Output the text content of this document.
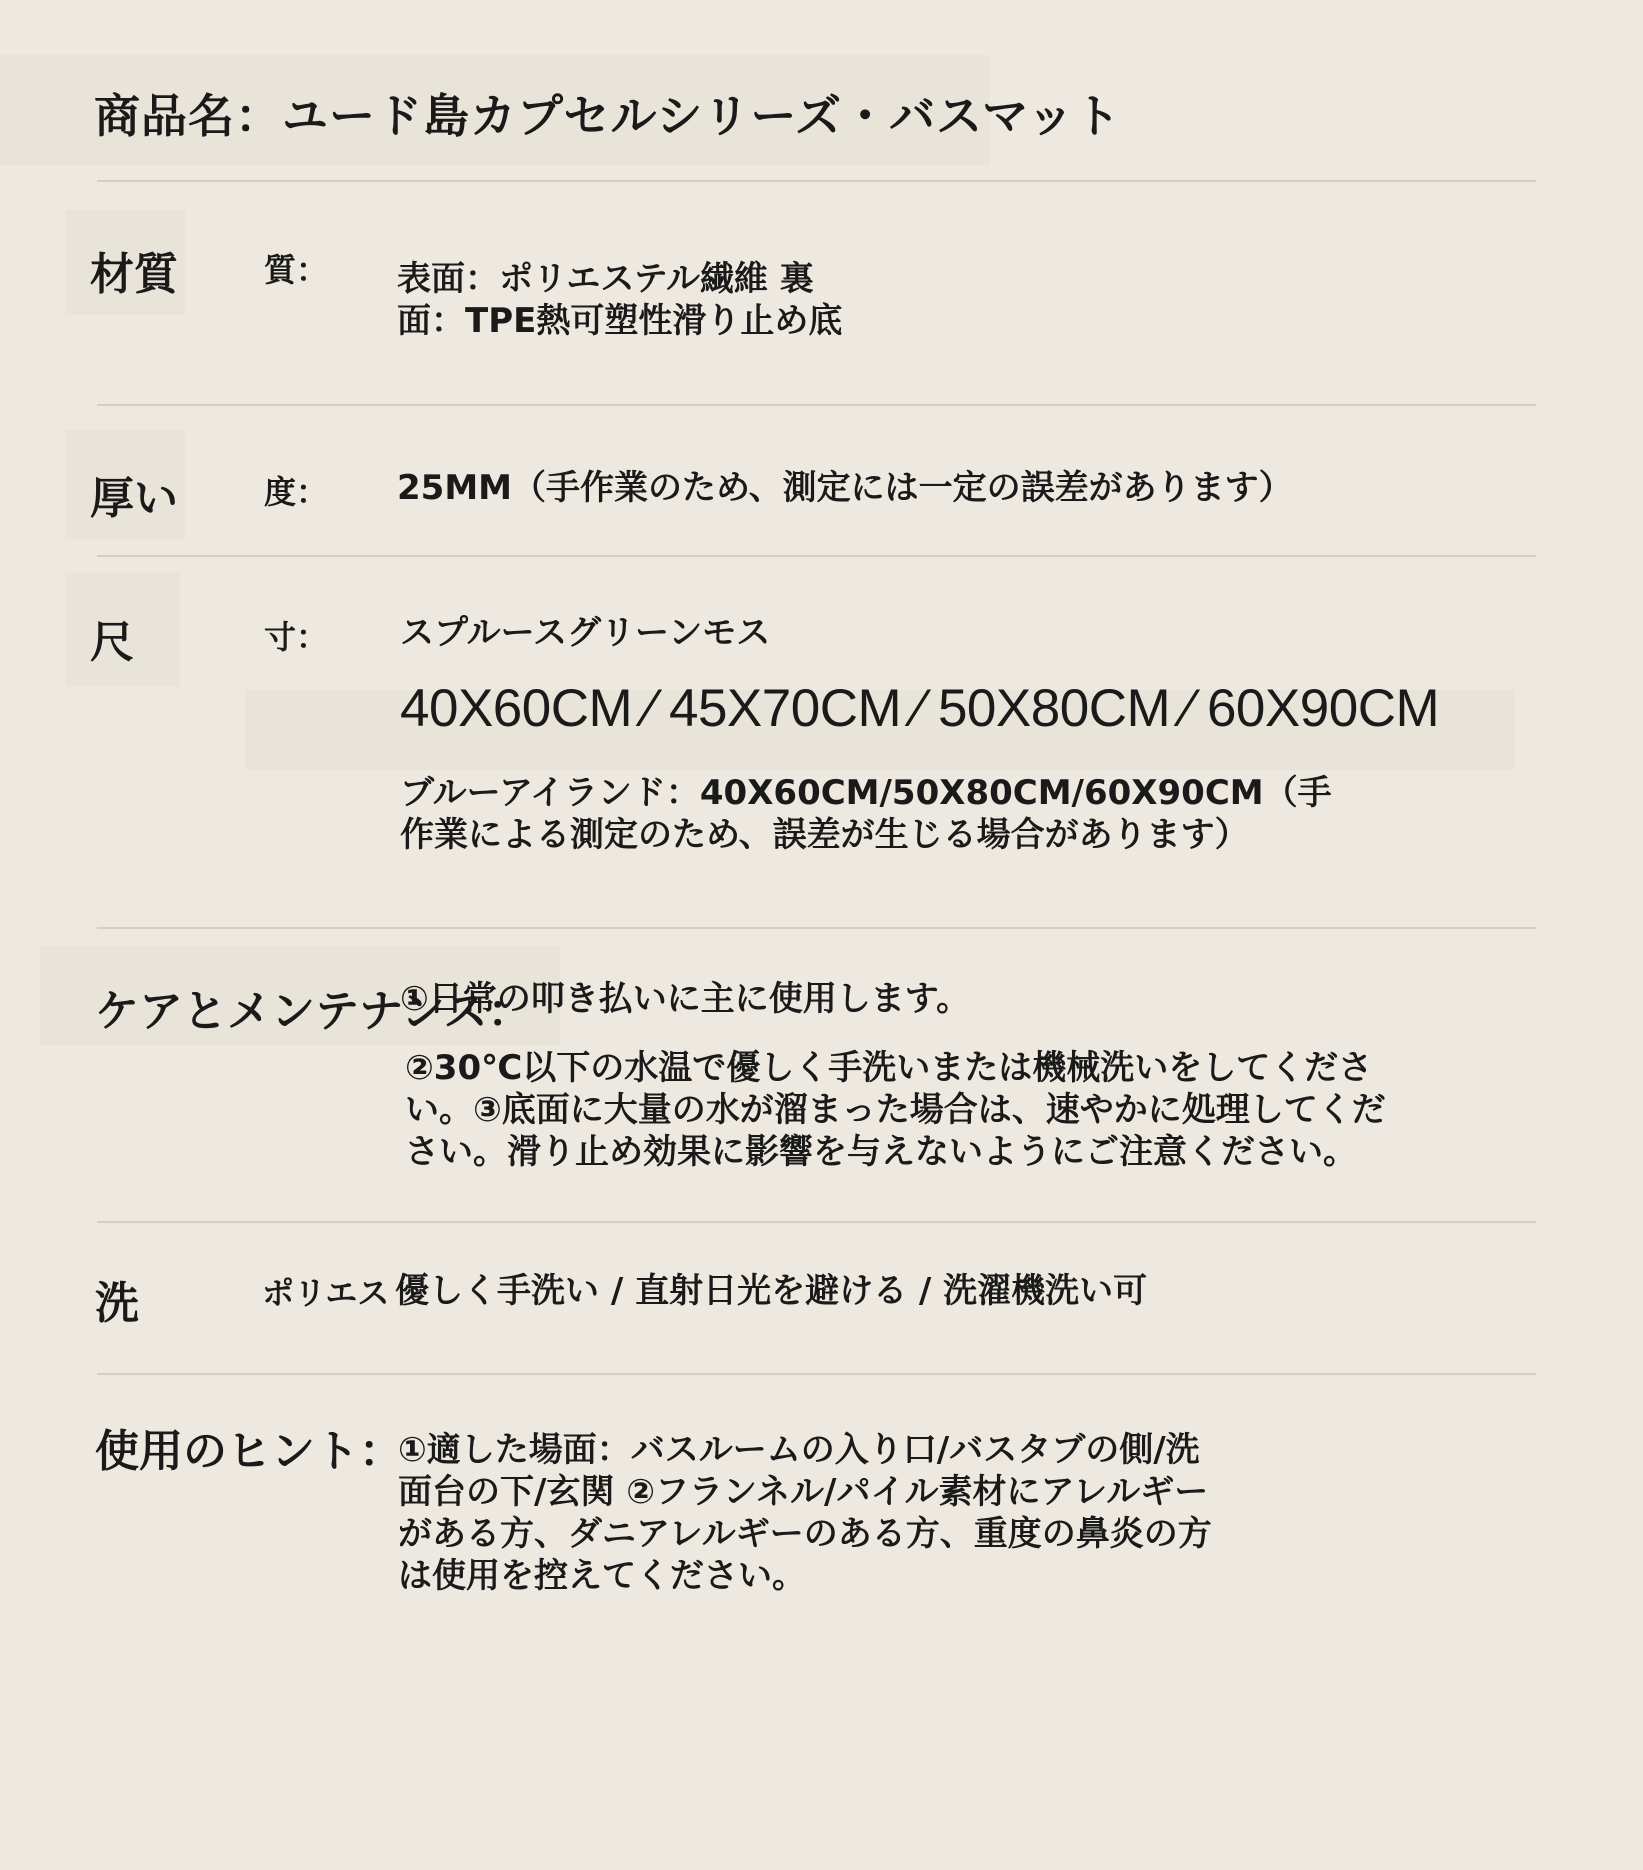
商品名：ユード島カプセルシリーズ・バスマット
材質	質： 表面：ポリエステル繊維 裏
面：TPE熱可塑性滑り止め底
厚い	度： 25MM（手作業のため、測定には一定の誤差があります）
尺	寸： スプルースグリーンモス
40X60CM ⁄ 45X70CM ⁄ 50X80CM ⁄ 60X90CM
ブルーアイランド：40X60CM/50X80CM/60X90CM（手
作業による測定のため、誤差が生じる場合があります）
ケアとメンテナンス：
①日常の叩き払いに主に使用します。
②30℃以下の水温で優しく手洗いまたは機械洗いをしてくださ
い。③底面に大量の水が溜まった場合は、速やかに処理してくだ
さい。滑り止め効果に影響を与えないようにご注意ください。
洗	ポリエス 優しく手洗い / 直射日光を避ける / 洗濯機洗い可
使用のヒント：
①適した場面：バスルームの入り口/バスタブの側/洗
面台の下/玄関 ②フランネル/パイル素材にアレルギー
がある方、ダニアレルギーのある方、重度の鼻炎の方
は使用を控えてください。
